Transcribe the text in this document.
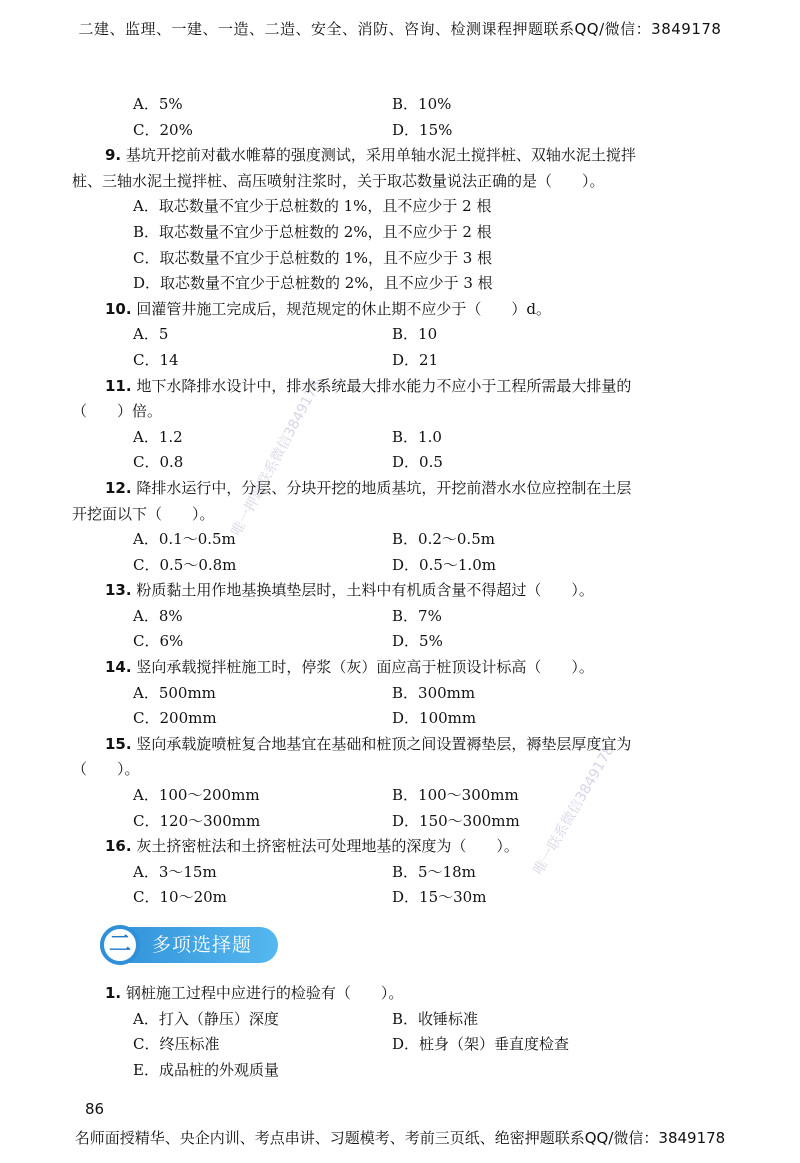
二建、监理、一建、一造、二造、安全、消防、咨询、检测课程押题联系QQ/微信：3849178
唯一押题联系微信3849178
唯一联系微信3849178
A．5%	B．10%
C．20%	D．15%
9. 基坑开挖前对截水帷幕的强度测试，采用单轴水泥土搅拌桩、双轴水泥土搅拌
桩、三轴水泥土搅拌桩、高压喷射注浆时，关于取芯数量说法正确的是（　　）。
A．取芯数量不宜少于总桩数的 1%，且不应少于 2 根
B．取芯数量不宜少于总桩数的 2%，且不应少于 2 根
C．取芯数量不宜少于总桩数的 1%，且不应少于 3 根
D．取芯数量不宜少于总桩数的 2%，且不应少于 3 根
10. 回灌管井施工完成后，规范规定的休止期不应少于（　　）d。
A．5	B．10
C．14	D．21
11. 地下水降排水设计中，排水系统最大排水能力不应小于工程所需最大排量的
（　　）倍。
A．1.2	B．1.0
C．0.8	D．0.5
12. 降排水运行中，分层、分块开挖的地质基坑，开挖前潜水水位应控制在土层
开挖面以下（　　）。
A．0.1～0.5m	B．0.2～0.5m
C．0.5～0.8m	D．0.5～1.0m
13. 粉质黏土用作地基换填垫层时，土料中有机质含量不得超过（　　）。
A．8%	B．7%
C．6%	D．5%
14. 竖向承载搅拌桩施工时，停浆（灰）面应高于桩顶设计标高（　　）。
A．500mm	B．300mm
C．200mm	D．100mm
15. 竖向承载旋喷桩复合地基宜在基础和桩顶之间设置褥垫层，褥垫层厚度宜为
（　　）。
A．100～200mm	B．100～300mm
C．120～300mm	D．150～300mm
16. 灰土挤密桩法和土挤密桩法可处理地基的深度为（　　）。
A．3～15m	B．5～18m
C．10～20m	D．15～30m
二	多项选择题
1. 钢桩施工过程中应进行的检验有（　　）。
A．打入（静压）深度	B．收锤标准
C．终压标准	D．桩身（架）垂直度检查
E．成品桩的外观质量
86
名师面授精华、央企内训、考点串讲、习题模考、考前三页纸、绝密押题联系QQ/微信：3849178
